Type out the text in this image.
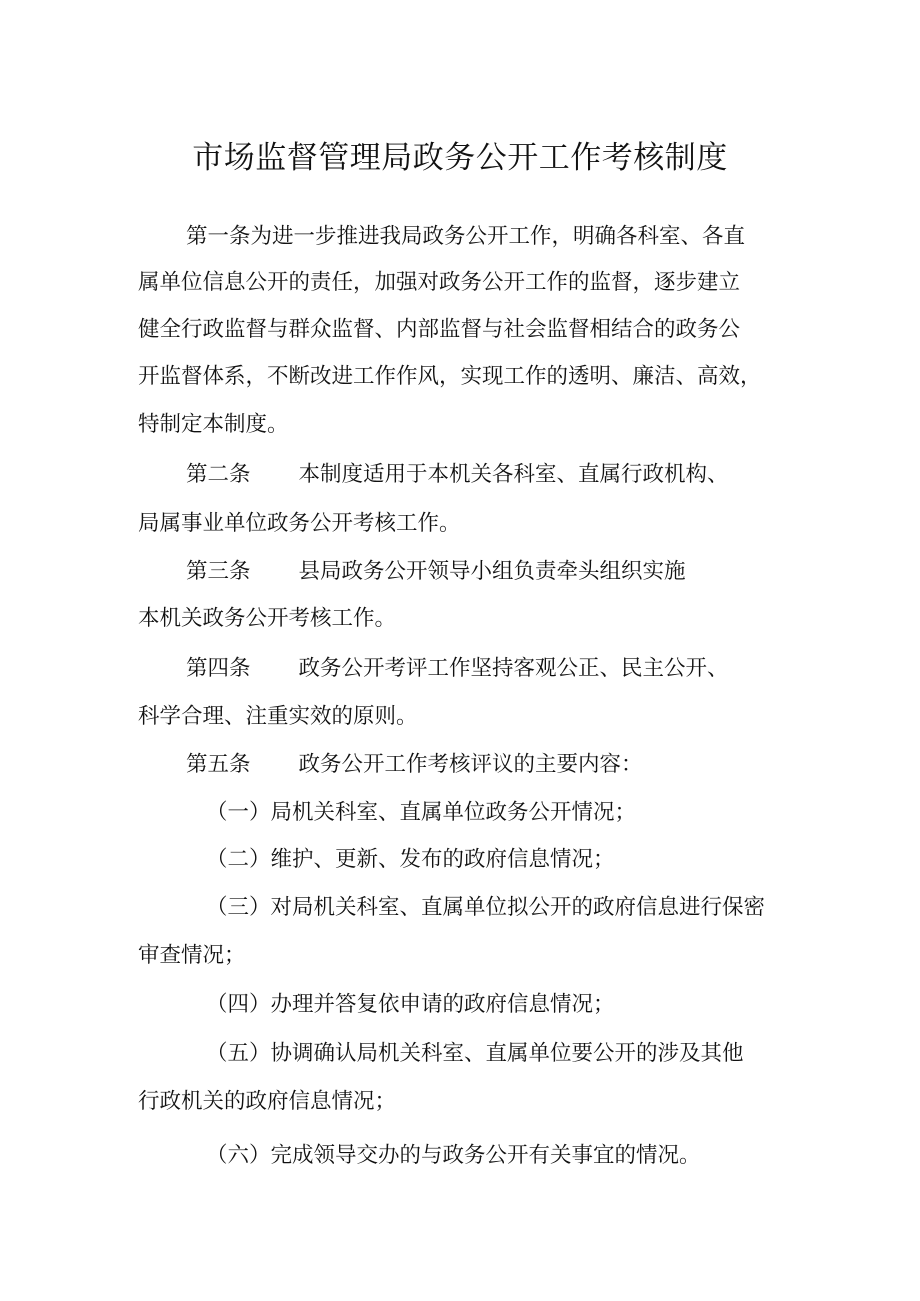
市场监督管理局政务公开工作考核制度

第一条为进一步推进我局政务公开工作，明确各科室、各直

属单位信息公开的责任，加强对政务公开工作的监督，逐步建立

健全行政监督与群众监督、内部监督与社会监督相结合的政务公

开监督体系，不断改进工作作风，实现工作的透明、廉洁、高效，

特制定本制度。

第二条 本制度适用于本机关各科室、直属行政机构、

局属事业单位政务公开考核工作。

第三条 县局政务公开领导小组负责牵头组织实施

本机关政务公开考核工作。

第四条 政务公开考评工作坚持客观公正、民主公开、

科学合理、注重实效的原则。

第五条 政务公开工作考核评议的主要内容：

（一）局机关科室、直属单位政务公开情况；

（二）维护、更新、发布的政府信息情况；

（三）对局机关科室、直属单位拟公开的政府信息进行保密

审查情况；

（四）办理并答复依申请的政府信息情况；

（五）协调确认局机关科室、直属单位要公开的涉及其他

行政机关的政府信息情况；

（六）完成领导交办的与政务公开有关事宜的情况。
